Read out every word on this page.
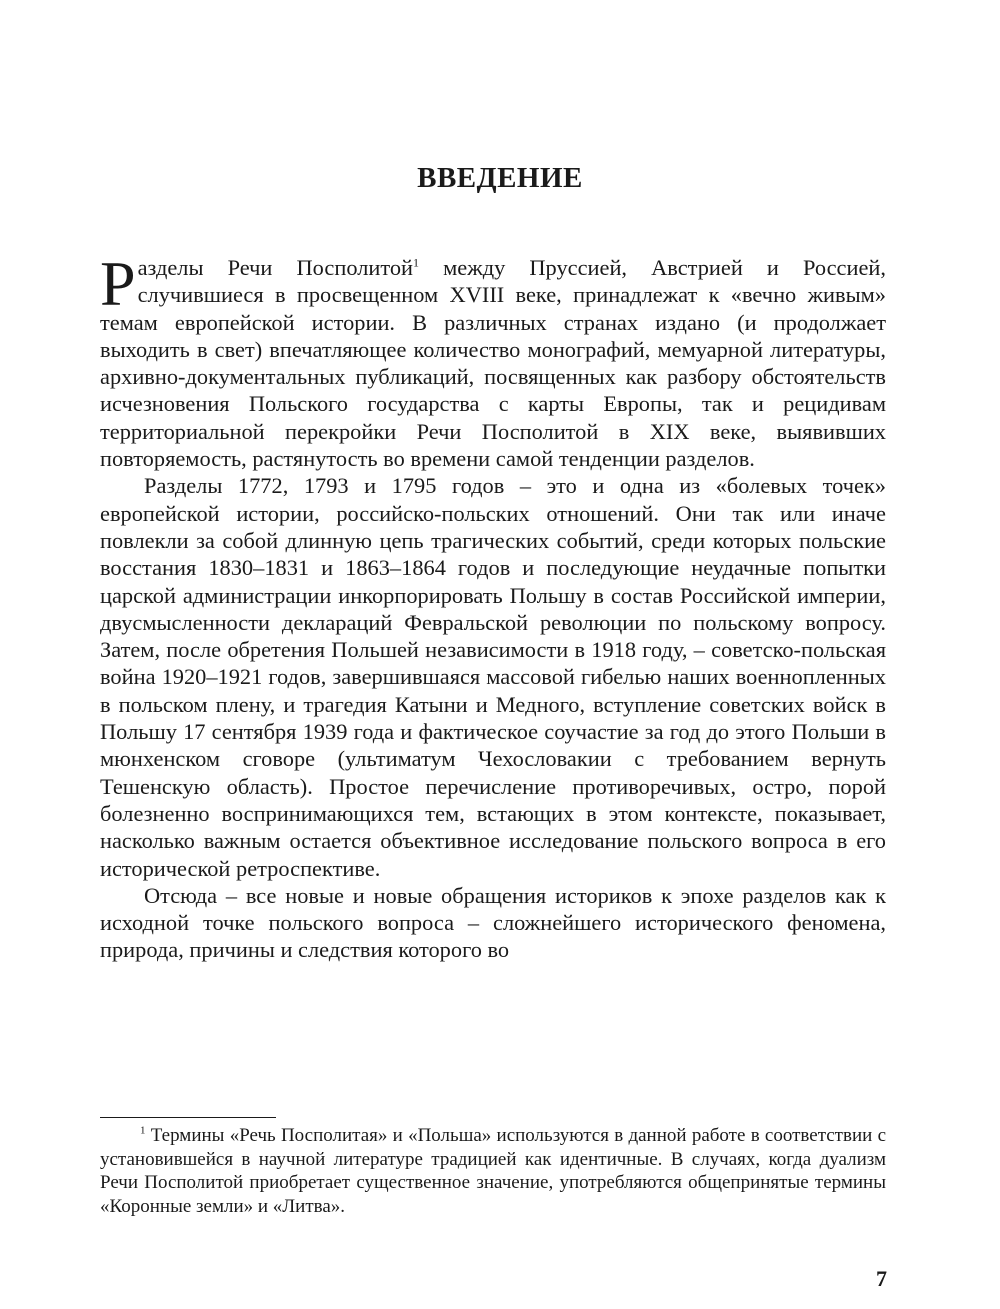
ВВЕДЕНИЕ

Разделы Речи Посполитой$^1$ между Пруссией, Австрией и Россией, случившиеся в просвещенном XVIII веке, принадлежат к «вечно живым» темам европейской истории. В различных странах издано (и продолжает выходить в свет) впечатляющее количество монографий, мемуарной литературы, архивно-документальных публикаций, посвященных как разбору обстоятельств исчезновения Польского государства с карты Европы, так и рецидивам территориальной перекройки Речи Посполитой в XIX веке, выявивших повторяемость, растянутость во времени самой тенденции разделов.

Разделы 1772, 1793 и 1795 годов – это и одна из «болевых точек» европейской истории, российско-польских отношений. Они так или иначе повлекли за собой длинную цепь трагических событий, среди которых польские восстания 1830–1831 и 1863–1864 годов и последующие неудачные попытки царской администрации инкорпорировать Польшу в состав Российской империи, двусмысленности деклараций Февральской революции по польскому вопросу. Затем, после обретения Польшей независимости в 1918 году, – советско-польская война 1920–1921 годов, завершившаяся массовой гибелью наших военнопленных в польском плену, и трагедия Катыни и Медного, вступление советских войск в Польшу 17 сентября 1939 года и фактическое соучастие за год до этого Польши в мюнхенском сговоре (ультиматум Чехословакии с требованием вернуть Тешенскую область). Простое перечисление противоречивых, остро, порой болезненно воспринимающихся тем, встающих в этом контексте, показывает, насколько важным остается объективное исследование польского вопроса в его исторической ретроспективе.

Отсюда – все новые и новые обращения историков к эпохе разделов как к исходной точке польского вопроса – сложнейшего исторического феномена, природа, причины и следствия которого во

$^1$ Термины «Речь Посполитая» и «Польша» используются в данной работе в соответствии с установившейся в научной литературе традицией как идентичные. В случаях, когда дуализм Речи Посполитой приобретает существенное значение, употребляются общепринятые термины «Коронные земли» и «Литва».

7
